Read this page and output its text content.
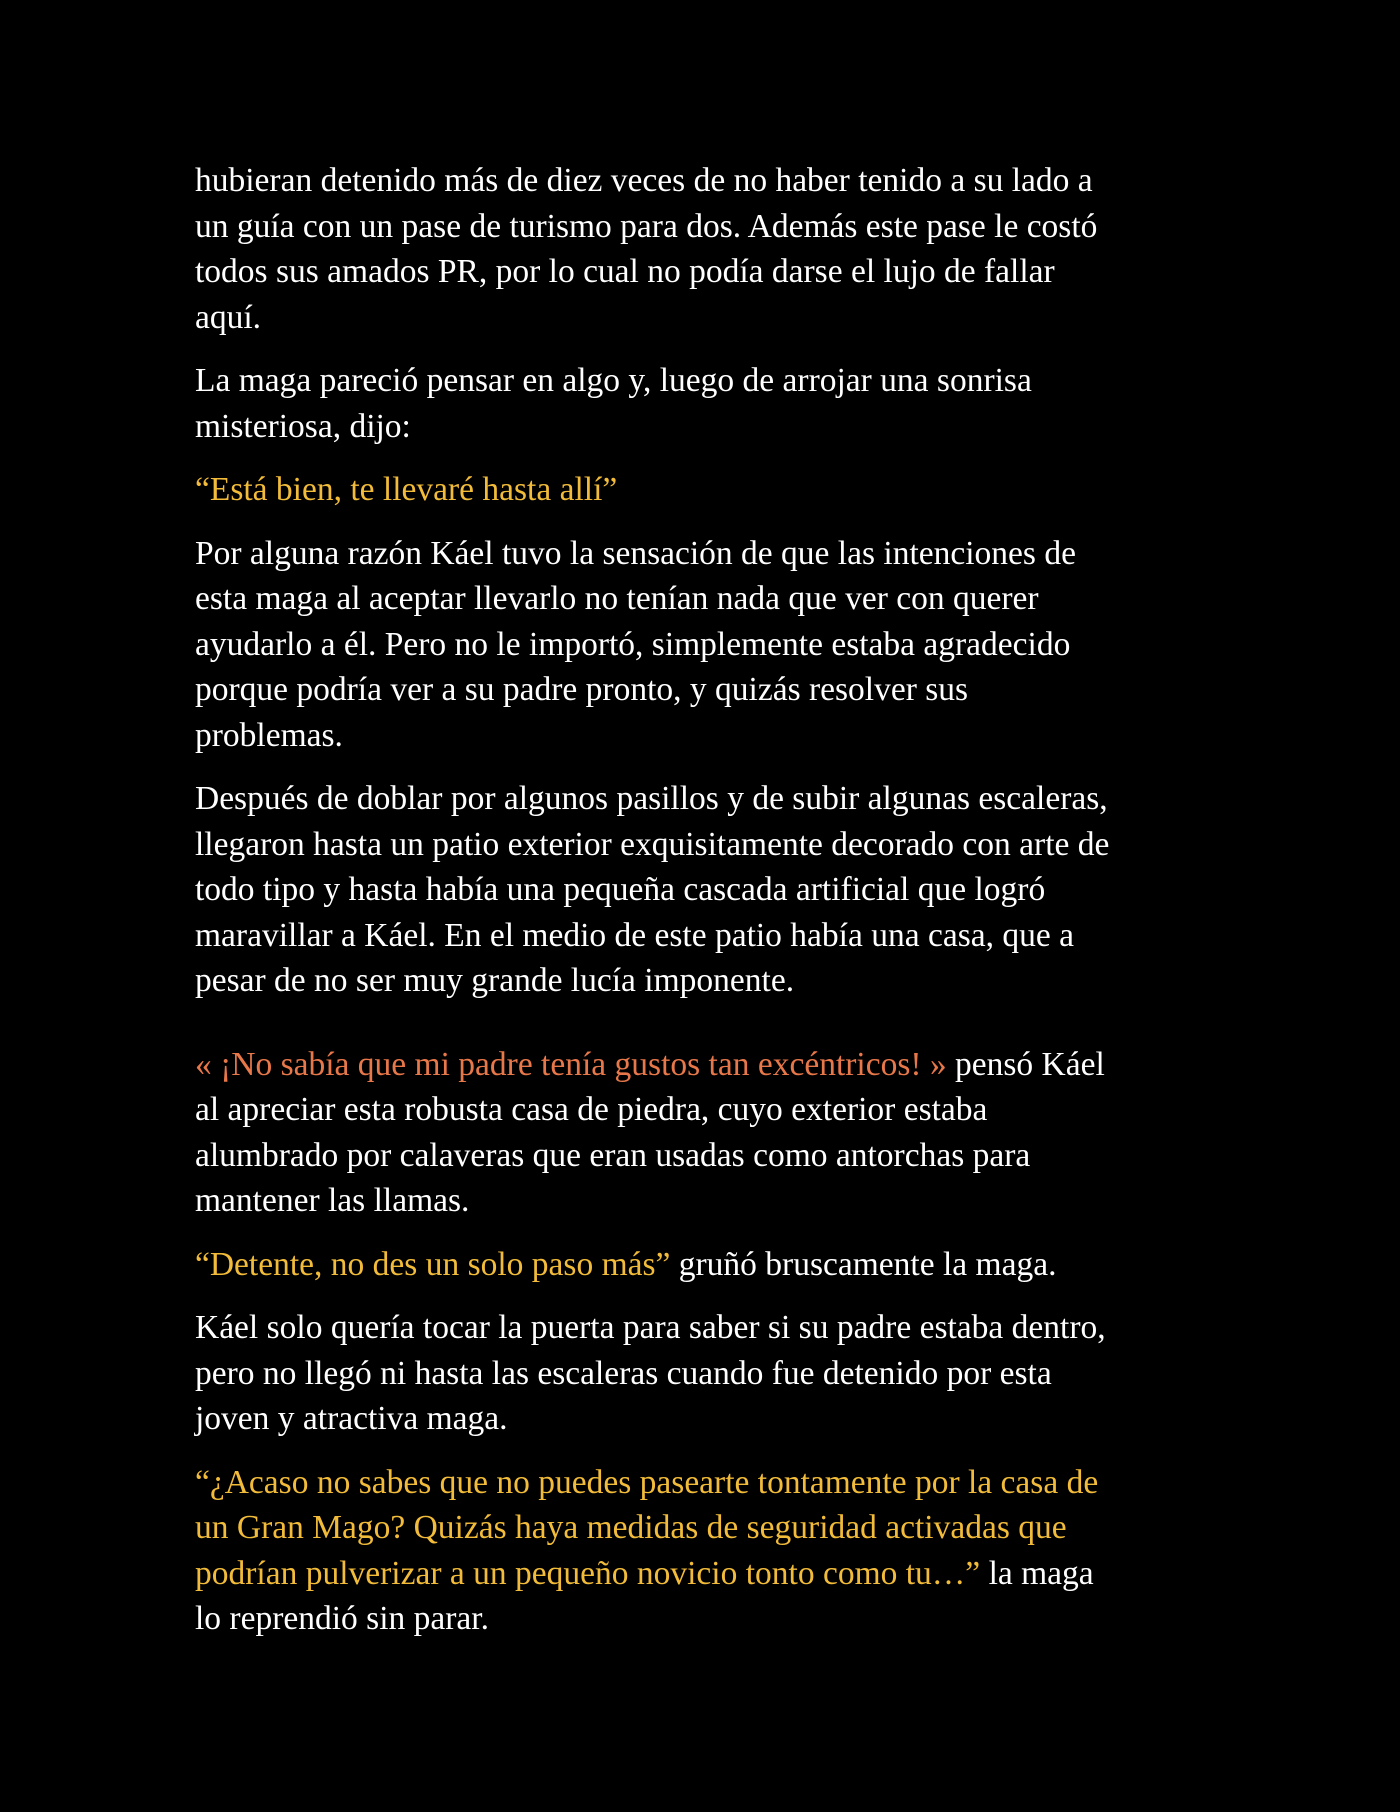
hubieran detenido más de diez veces de no haber tenido a su lado a
un guía con un pase de turismo para dos. Además este pase le costó
todos sus amados PR, por lo cual no podía darse el lujo de fallar
aquí.

La maga pareció pensar en algo y, luego de arrojar una sonrisa
misteriosa, dijo:

“Está bien, te llevaré hasta allí”

Por alguna razón Káel tuvo la sensación de que las intenciones de
esta maga al aceptar llevarlo no tenían nada que ver con querer
ayudarlo a él. Pero no le importó, simplemente estaba agradecido
porque podría ver a su padre pronto, y quizás resolver sus
problemas.

Después de doblar por algunos pasillos y de subir algunas escaleras,
llegaron hasta un patio exterior exquisitamente decorado con arte de
todo tipo y hasta había una pequeña cascada artificial que logró
maravillar a Káel. En el medio de este patio había una casa, que a
pesar de no ser muy grande lucía imponente.

« ¡No sabía que mi padre tenía gustos tan excéntricos! » pensó Káel
al apreciar esta robusta casa de piedra, cuyo exterior estaba
alumbrado por calaveras que eran usadas como antorchas para
mantener las llamas.

“Detente, no des un solo paso más” gruñó bruscamente la maga.

Káel solo quería tocar la puerta para saber si su padre estaba dentro,
pero no llegó ni hasta las escaleras cuando fue detenido por esta
joven y atractiva maga.

“¿Acaso no sabes que no puedes pasearte tontamente por la casa de
un Gran Mago? Quizás haya medidas de seguridad activadas que
podrían pulverizar a un pequeño novicio tonto como tu…” la maga
lo reprendió sin parar.
